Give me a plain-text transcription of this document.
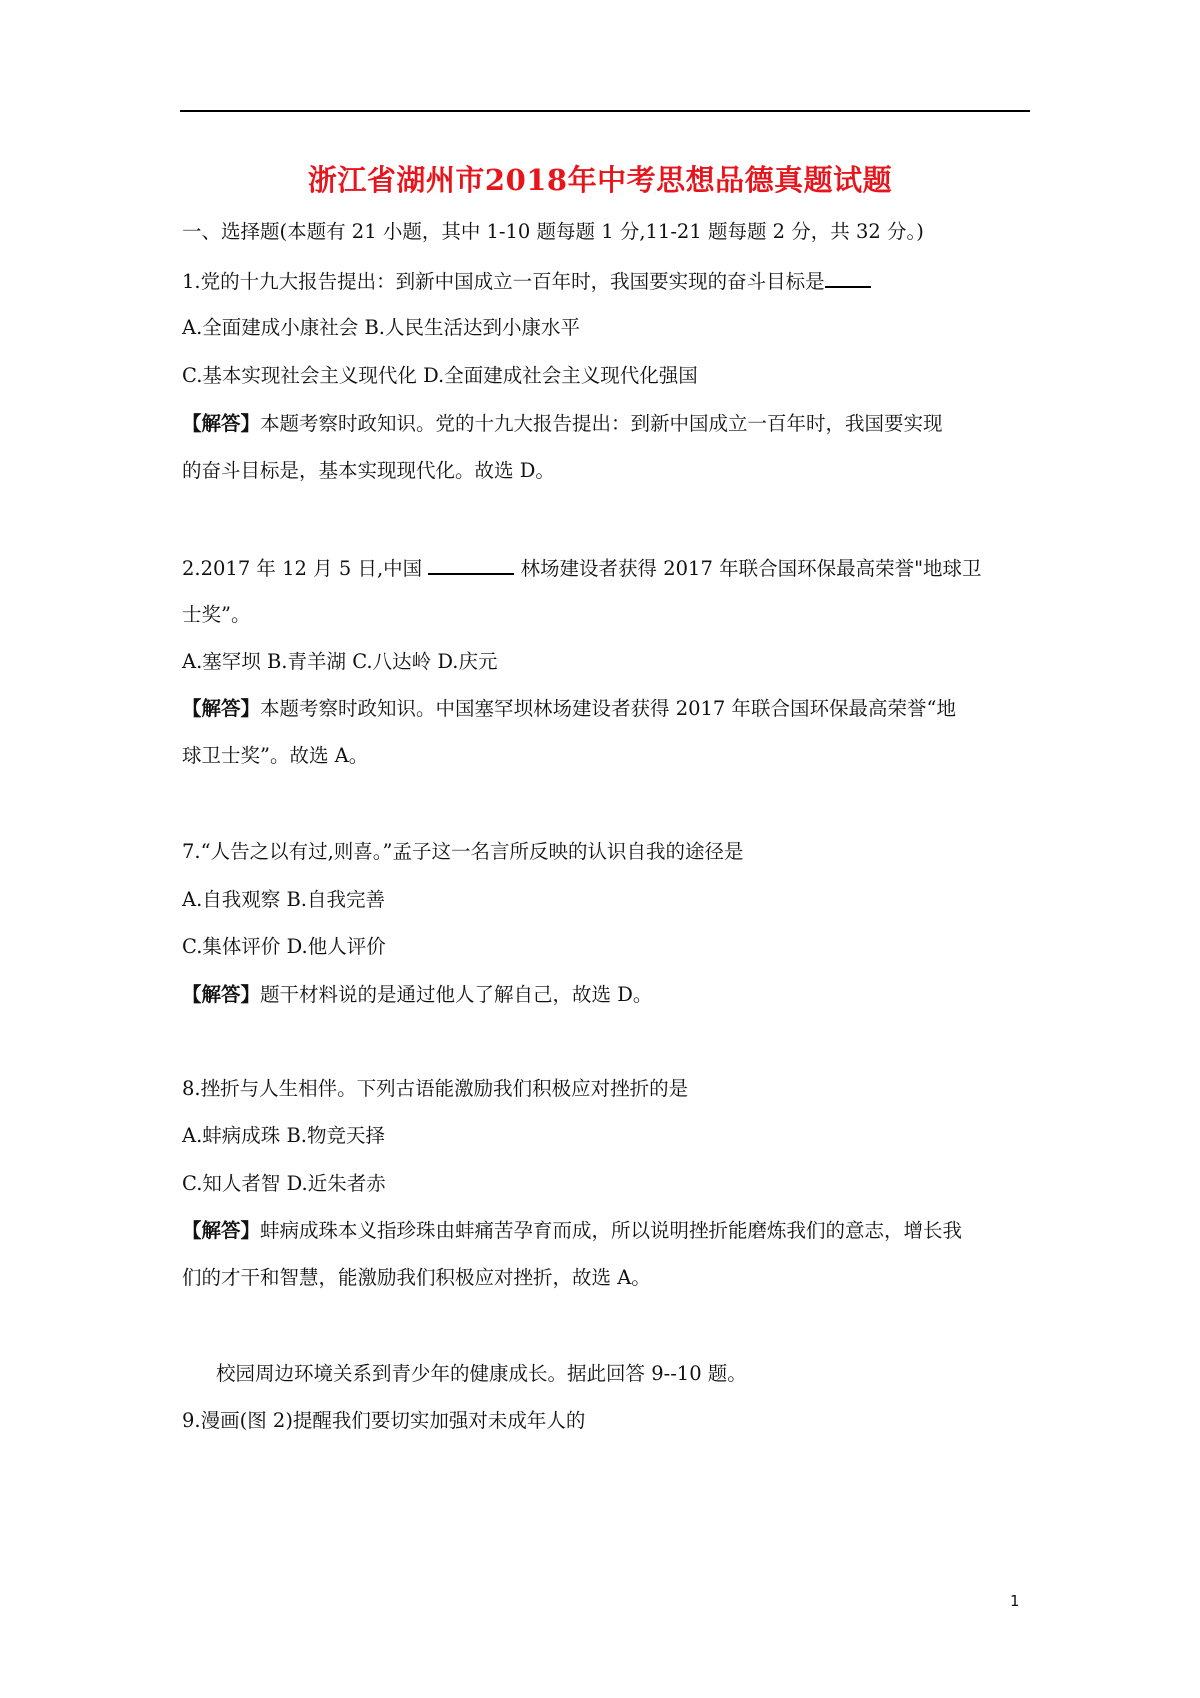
浙江省湖州市2018年中考思想品德真题试题
一、选择题(本题有 21 小题，其中 1-10 题每题 1 分,11-21 题每题 2 分，共 32 分。)
1.党的十九大报告提出：到新中国成立一百年时，我国要实现的奋斗目标是
A.全面建成小康社会 B.人民生活达到小康水平
C.基本实现社会主义现代化 D.全面建成社会主义现代化强国
【解答】本题考察时政知识。党的十九大报告提出：到新中国成立一百年时，我国要实现
的奋斗目标是，基本实现现代化。故选 D。
2.2017 年 12 月 5 日,中国	林场建设者获得 2017 年联合国环保最高荣誉"地球卫
士奖”。
A.塞罕坝 B.青羊湖 C.八达岭 D.庆元
【解答】本题考察时政知识。中国塞罕坝林场建设者获得 2017 年联合国环保最高荣誉“地
球卫士奖”。故选 A。
7.“人告之以有过,则喜。”孟子这一名言所反映的认识自我的途径是
A.自我观察 B.自我完善
C.集体评价 D.他人评价
【解答】题干材料说的是通过他人了解自己，故选 D。
8.挫折与人生相伴。下列古语能激励我们积极应对挫折的是
A.蚌病成珠 B.物竞天择
C.知人者智 D.近朱者赤
【解答】蚌病成珠本义指珍珠由蚌痛苦孕育而成，所以说明挫折能磨炼我们的意志，增长我
们的才干和智慧，能激励我们积极应对挫折，故选 A。
校园周边环境关系到青少年的健康成长。据此回答 9--10 题。
9.漫画(图 2)提醒我们要切实加强对未成年人的
1
